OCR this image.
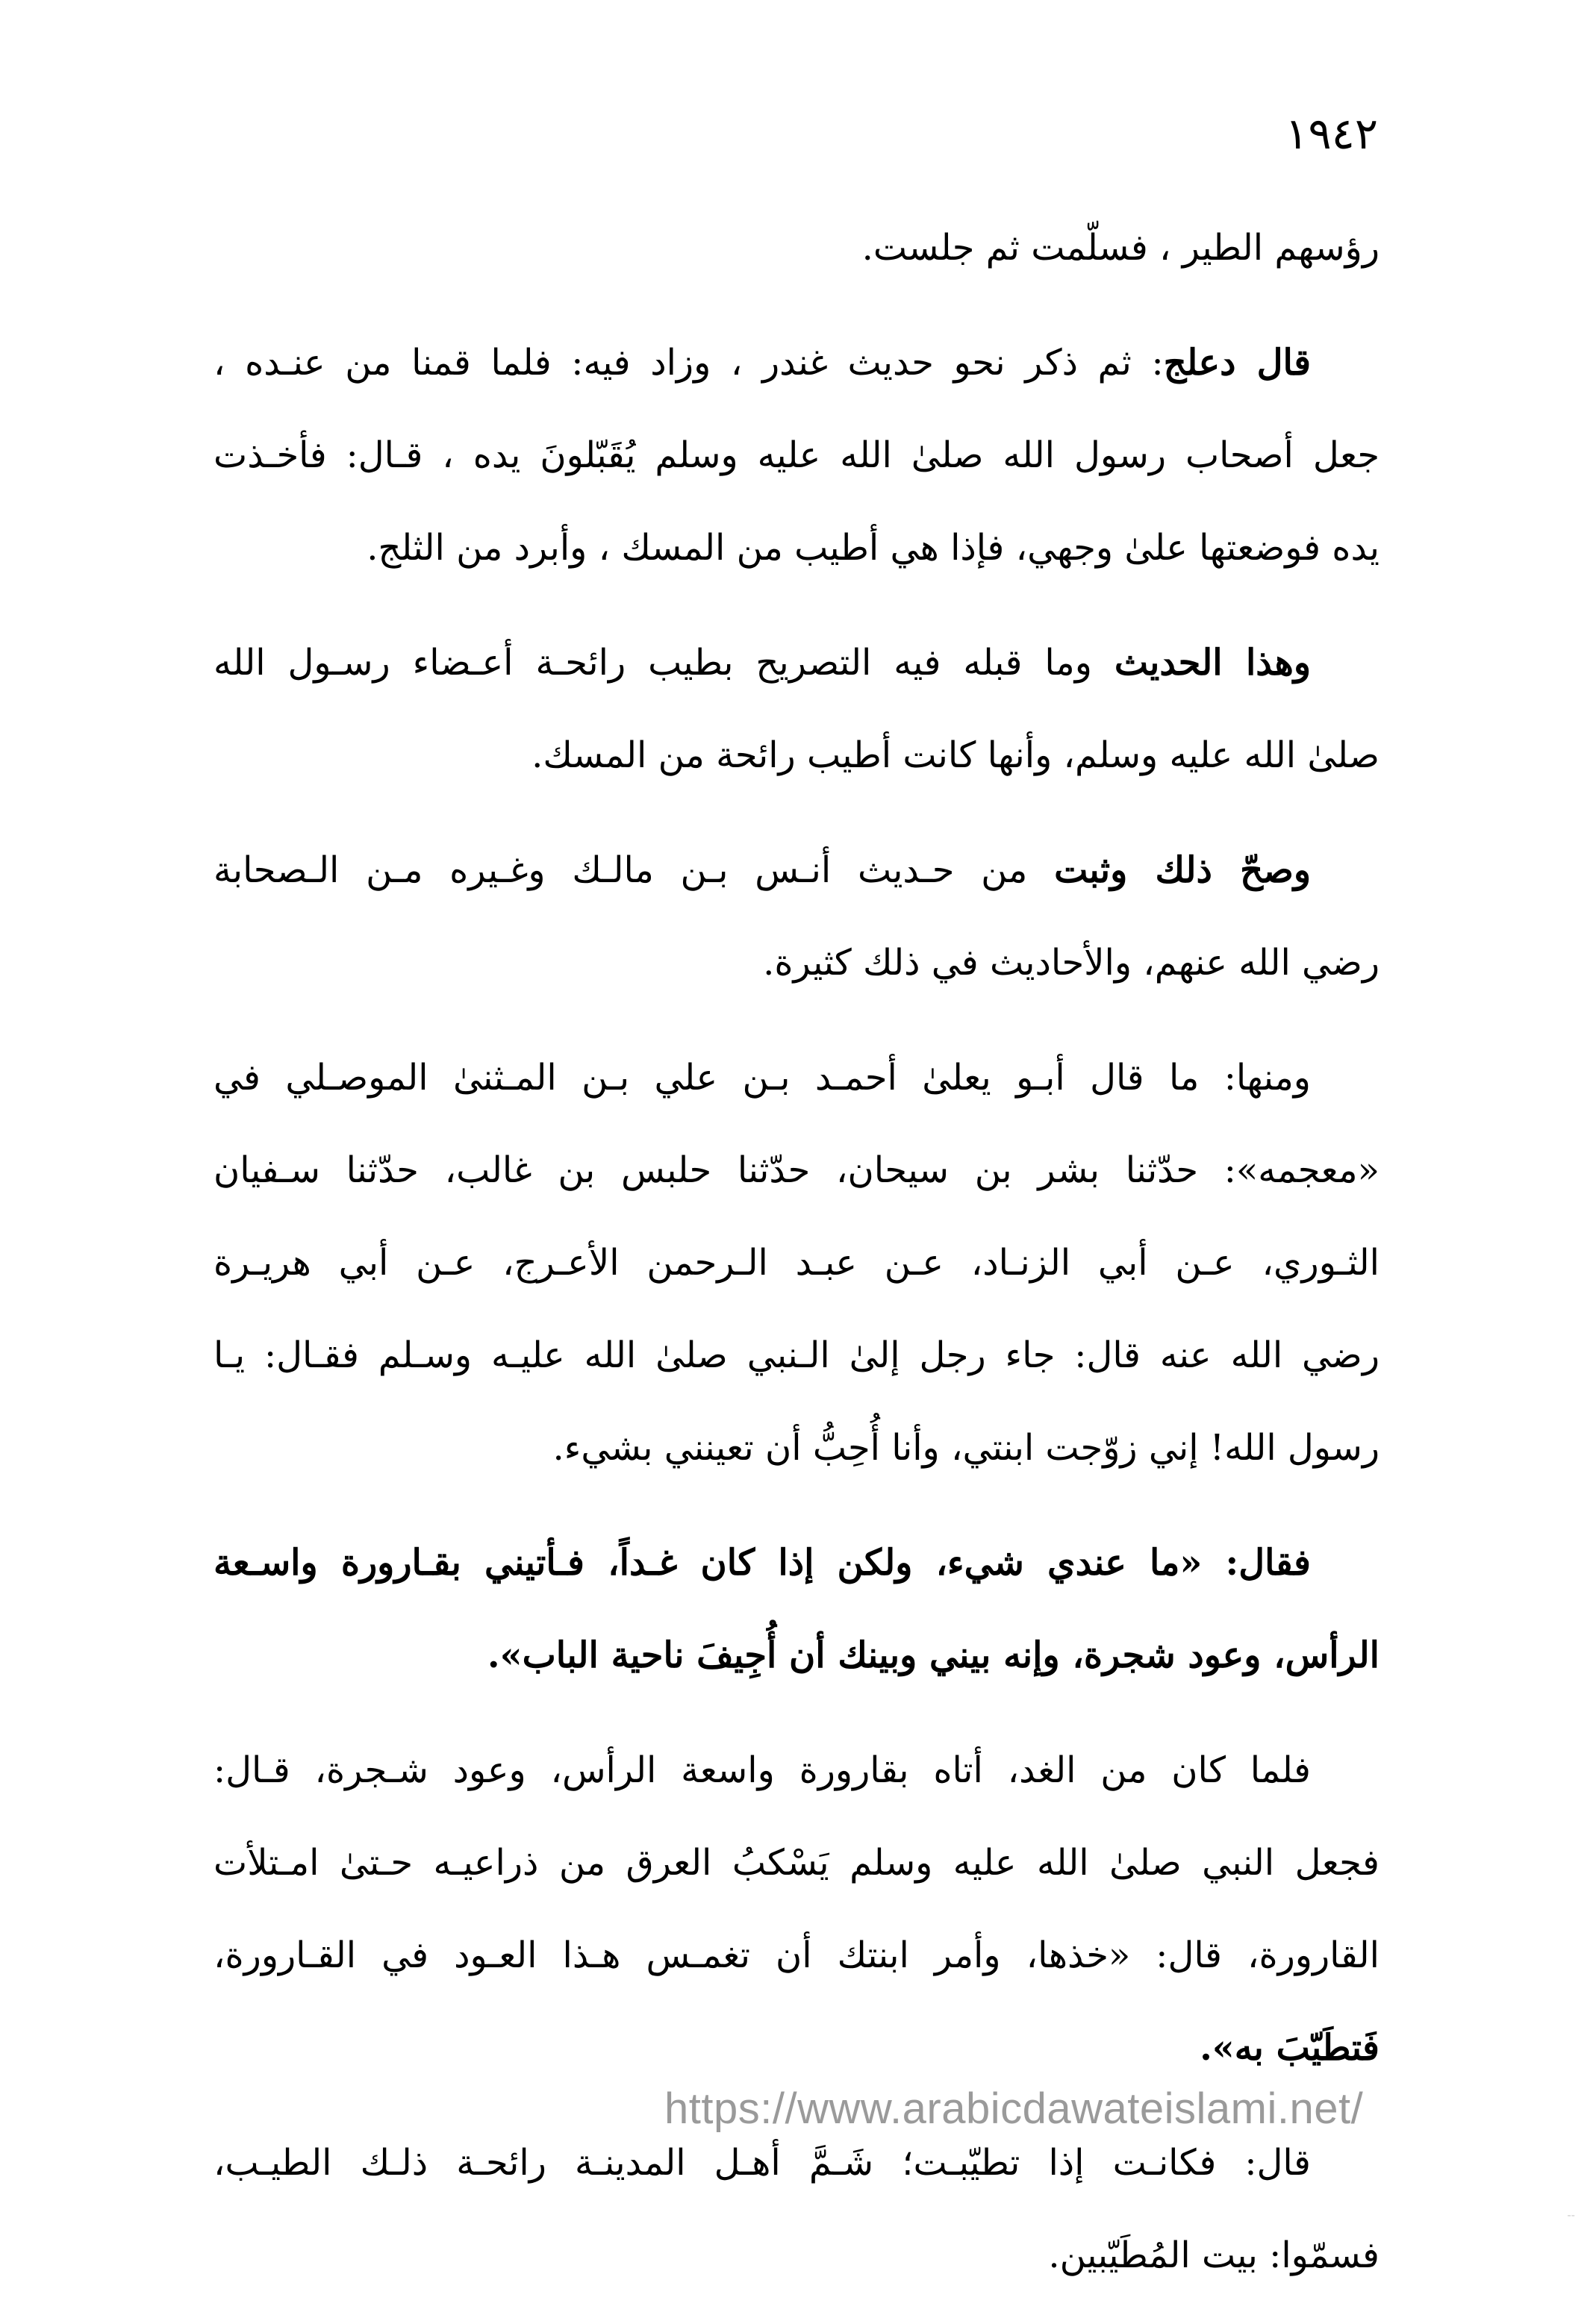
١٩٤٢

رؤسهم الطير ، فسلّمت ثم جلست.

قال دعلج: ثم ذكر نحو حديث غندر ، وزاد فيه: فلما قمنا من عنـده ،
جعل أصحاب رسول الله صلىٰ الله عليه وسلم يُقَبّلونَ يده ، قـال: فأخـذت
يده فوضعتها علىٰ وجهي، فإذا هي أطيب من المسك ، وأبرد من الثلج.

وهذا الحديث وما قبله فيه التصريح بطيب رائحـة أعـضاء رسـول الله
صلىٰ الله عليه وسلم، وأنها كانت أطيب رائحة من المسك.

وصحّ ذلك وثبت من حـديث أنـس بـن مالـك وغـيره مـن الـصحابة
رضي الله عنهم، والأحاديث في ذلك كثيرة.

ومنها: ما قال أبـو يعلىٰ أحمـد بـن علي بـن المـثنىٰ الموصـلي في
«معجمه»: حدّثنا بشر بن سيحان، حدّثنا حلبس بن غالب، حدّثنا سـفيان
الثـوري، عـن أبي الزنـاد، عـن عبـد الـرحمن الأعـرج، عـن أبي هريـرة
رضي الله عنه قال: جاء رجل إلىٰ الـنبي صلىٰ الله عليـه وسـلم فقـال: يـا
رسول الله! إني زوّجت ابنتي، وأنا أُحِبُّ أن تعينني بشيء.

فقال: «ما عندي شيء، ولكن إذا كان غـداً، فـأتيني بقـارورة واسـعة
الرأس، وعود شجرة، وإنه بيني وبينك أن أُجِيفَ ناحية الباب».

فلما كان من الغد، أتاه بقارورة واسعة الرأس، وعود شـجرة، قـال:
فجعل النبي صلىٰ الله عليه وسلم يَسْكبُ العرق من ذراعيـه حـتىٰ امـتلأت
القارورة، قال: «خذها، وأمر ابنتك أن تغمـس هـذا العـود في القـارورة،
فَتطَيّبَ به».

قال: فكانـت إذا تطيّبـت؛ شَـمَّ أهـل المدينـة رائحـة ذلـك الطيـب،
فسمّوا: بيت المُطَيّبين.

https://www.arabicdawateislami.net/
--
